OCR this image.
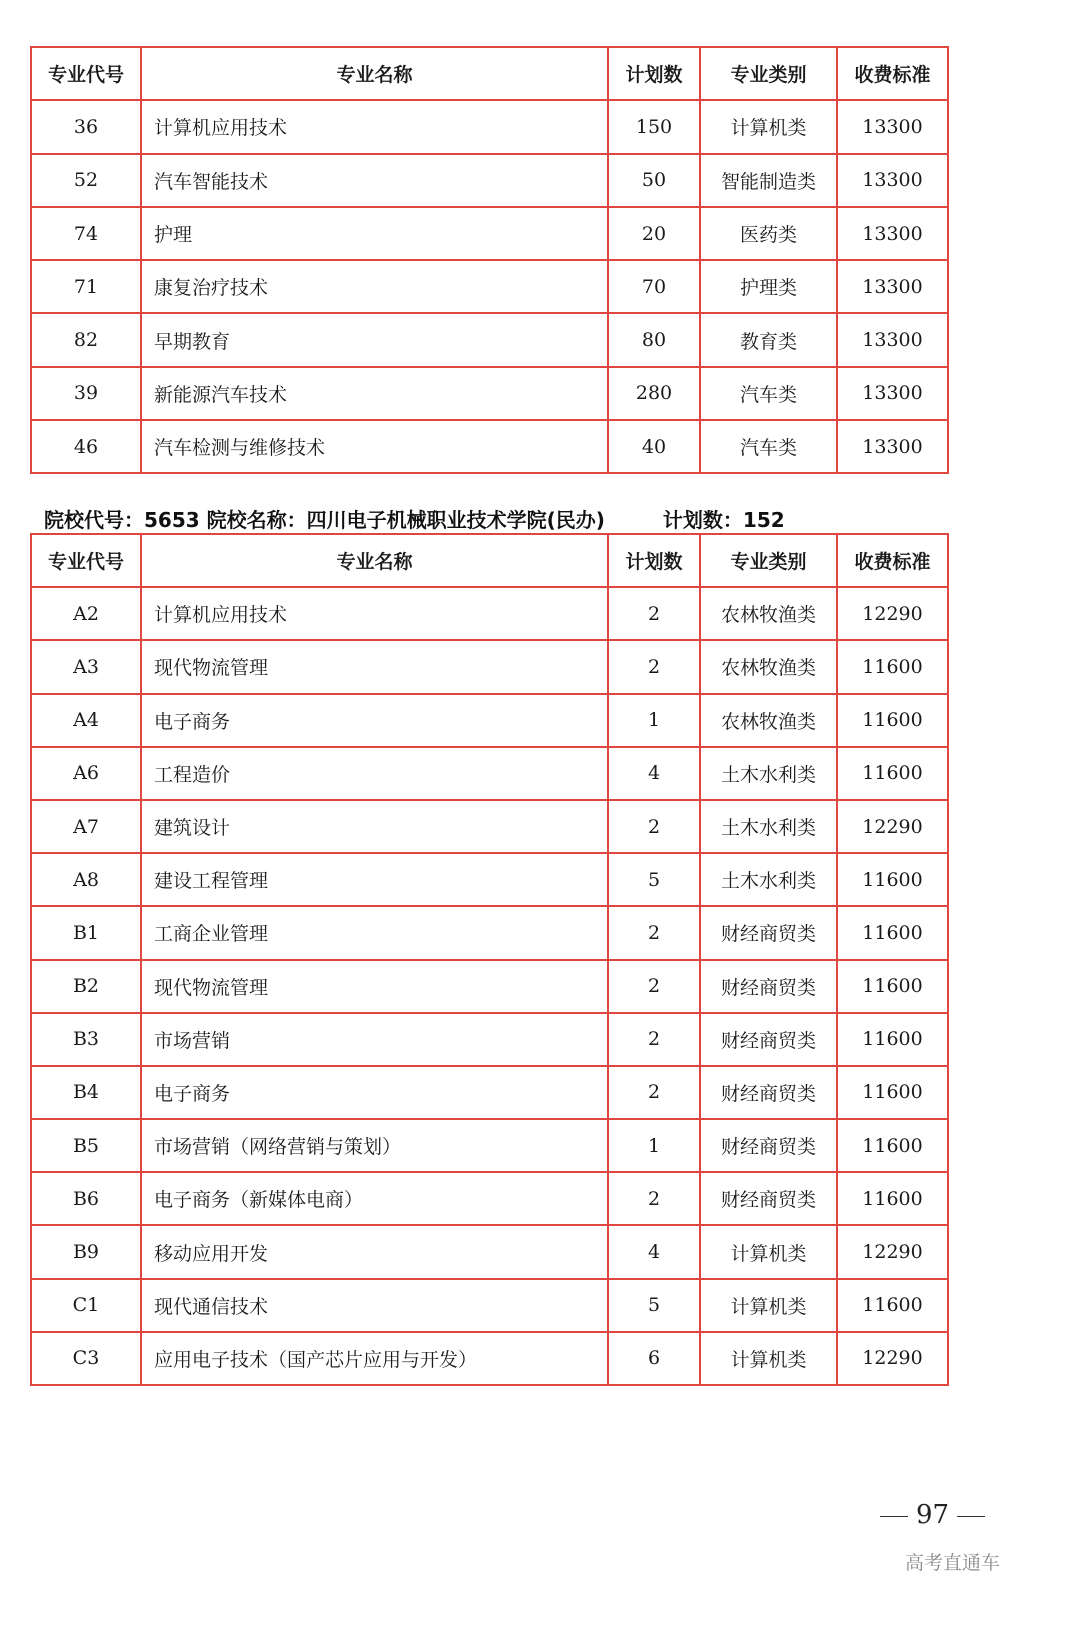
专业代号	专业名称	计划数	专业类别	收费标准
36	计算机应用技术	150	计算机类	13300
52	汽车智能技术	50	智能制造类	13300
74	护理	20	医药类	13300
71	康复治疗技术	70	护理类	13300
82	早期教育	80	教育类	13300
39	新能源汽车技术	280	汽车类	13300
46	汽车检测与维修技术	40	汽车类	13300
院校代号：5653 院校名称：四川电子机械职业技术学院(民办)	计划数：152
专业代号	专业名称	计划数	专业类别	收费标准
A2	计算机应用技术	2	农林牧渔类	12290
A3	现代物流管理	2	农林牧渔类	11600
A4	电子商务	1	农林牧渔类	11600
A6	工程造价	4	土木水利类	11600
A7	建筑设计	2	土木水利类	12290
A8	建设工程管理	5	土木水利类	11600
B1	工商企业管理	2	财经商贸类	11600
B2	现代物流管理	2	财经商贸类	11600
B3	市场营销	2	财经商贸类	11600
B4	电子商务	2	财经商贸类	11600
B5	市场营销（网络营销与策划）	1	财经商贸类	11600
B6	电子商务（新媒体电商）	2	财经商贸类	11600
B9	移动应用开发	4	计算机类	12290
C1	现代通信技术	5	计算机类	11600
C3	应用电子技术（国产芯片应用与开发）	6	计算机类	12290
97
高考直通车
